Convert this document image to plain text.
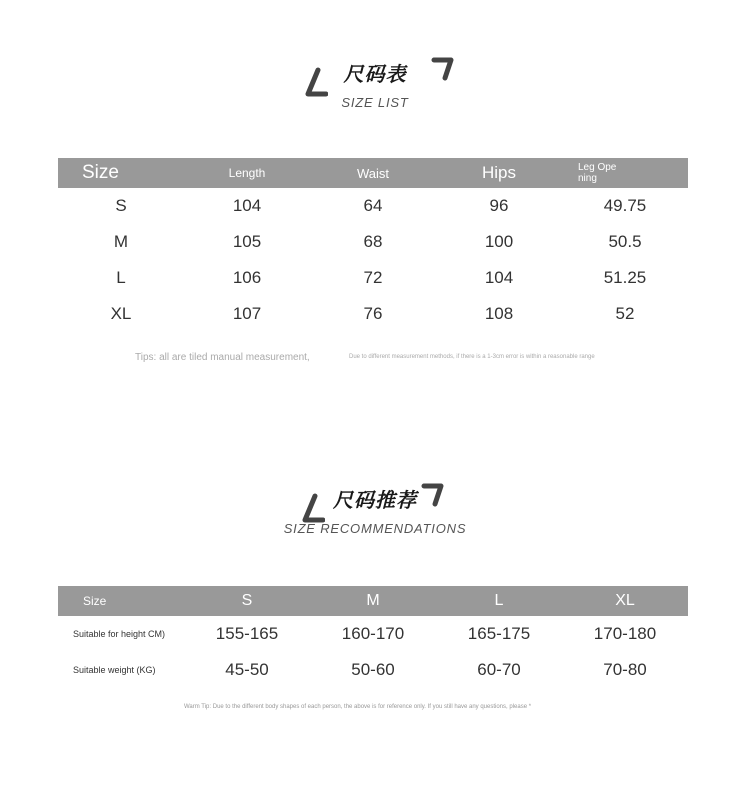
尺码表
SIZE LIST
Size	Length	Waist	Hips	Leg Opening

S	104	64	96	49.75
M	105	68	100	50.5
L	106	72	104	51.25
XL	107	76	108	52
Tips: all are tiled manual measurement,	Due to different measurement methods, if there is a 1-3cm error is within a reasonable range
尺码推荐
SIZE RECOMMENDATIONS
Size	S	M	L	XL
Suitable for height CM)	155-165	160-170	165-175	170-180
Suitable weight (KG)	45-50	50-60	60-70	70-80
Warm Tip: Due to the different body shapes of each person, the above is for reference only. If you still have any questions, please *
